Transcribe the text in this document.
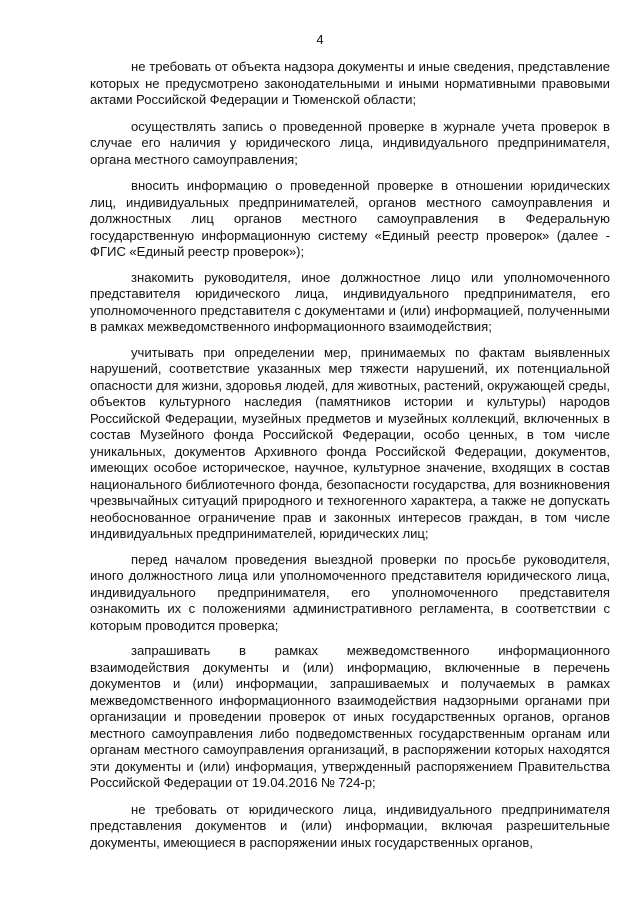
4

не требовать от объекта надзора документы и иные сведения, представление которых не предусмотрено законодательными и иными нормативными правовыми актами Российской Федерации и Тюменской области;

осуществлять запись о проведенной проверке в журнале учета проверок в случае его наличия у юридического лица, индивидуального предпринимателя, органа местного самоуправления;

вносить информацию о проведенной проверке в отношении юридических лиц, индивидуальных предпринимателей, органов местного самоуправления и должностных лиц органов местного самоуправления в Федеральную государственную информационную систему «Единый реестр проверок» (далее - ФГИС «Единый реестр проверок»);

знакомить руководителя, иное должностное лицо или уполномоченного представителя юридического лица, индивидуального предпринимателя, его уполномоченного представителя с документами и (или) информацией, полученными в рамках межведомственного информационного взаимодействия;

учитывать при определении мер, принимаемых по фактам выявленных нарушений, соответствие указанных мер тяжести нарушений, их потенциальной опасности для жизни, здоровья людей, для животных, растений, окружающей среды, объектов культурного наследия (памятников истории и культуры) народов Российской Федерации, музейных предметов и музейных коллекций, включенных в состав Музейного фонда Российской Федерации, особо ценных, в том числе уникальных, документов Архивного фонда Российской Федерации, документов, имеющих особое историческое, научное, культурное значение, входящих в состав национального библиотечного фонда, безопасности государства, для возникновения чрезвычайных ситуаций природного и техногенного характера, а также не допускать необоснованное ограничение прав и законных интересов граждан, в том числе индивидуальных предпринимателей, юридических лиц;

перед началом проведения выездной проверки по просьбе руководителя, иного должностного лица или уполномоченного представителя юридического лица, индивидуального предпринимателя, его уполномоченного представителя ознакомить их с положениями административного регламента, в соответствии с которым проводится проверка;

запрашивать в рамках межведомственного информационного взаимодействия документы и (или) информацию, включенные в перечень документов и (или) информации, запрашиваемых и получаемых в рамках межведомственного информационного взаимодействия надзорными органами при организации и проведении проверок от иных государственных органов, органов местного самоуправления либо подведомственных государственным органам или органам местного самоуправления организаций, в распоряжении которых находятся эти документы и (или) информация, утвержденный распоряжением Правительства Российской Федерации от 19.04.2016 № 724-р;

не требовать от юридического лица, индивидуального предпринимателя представления документов и (или) информации, включая разрешительные документы, имеющиеся в распоряжении иных государственных органов,
